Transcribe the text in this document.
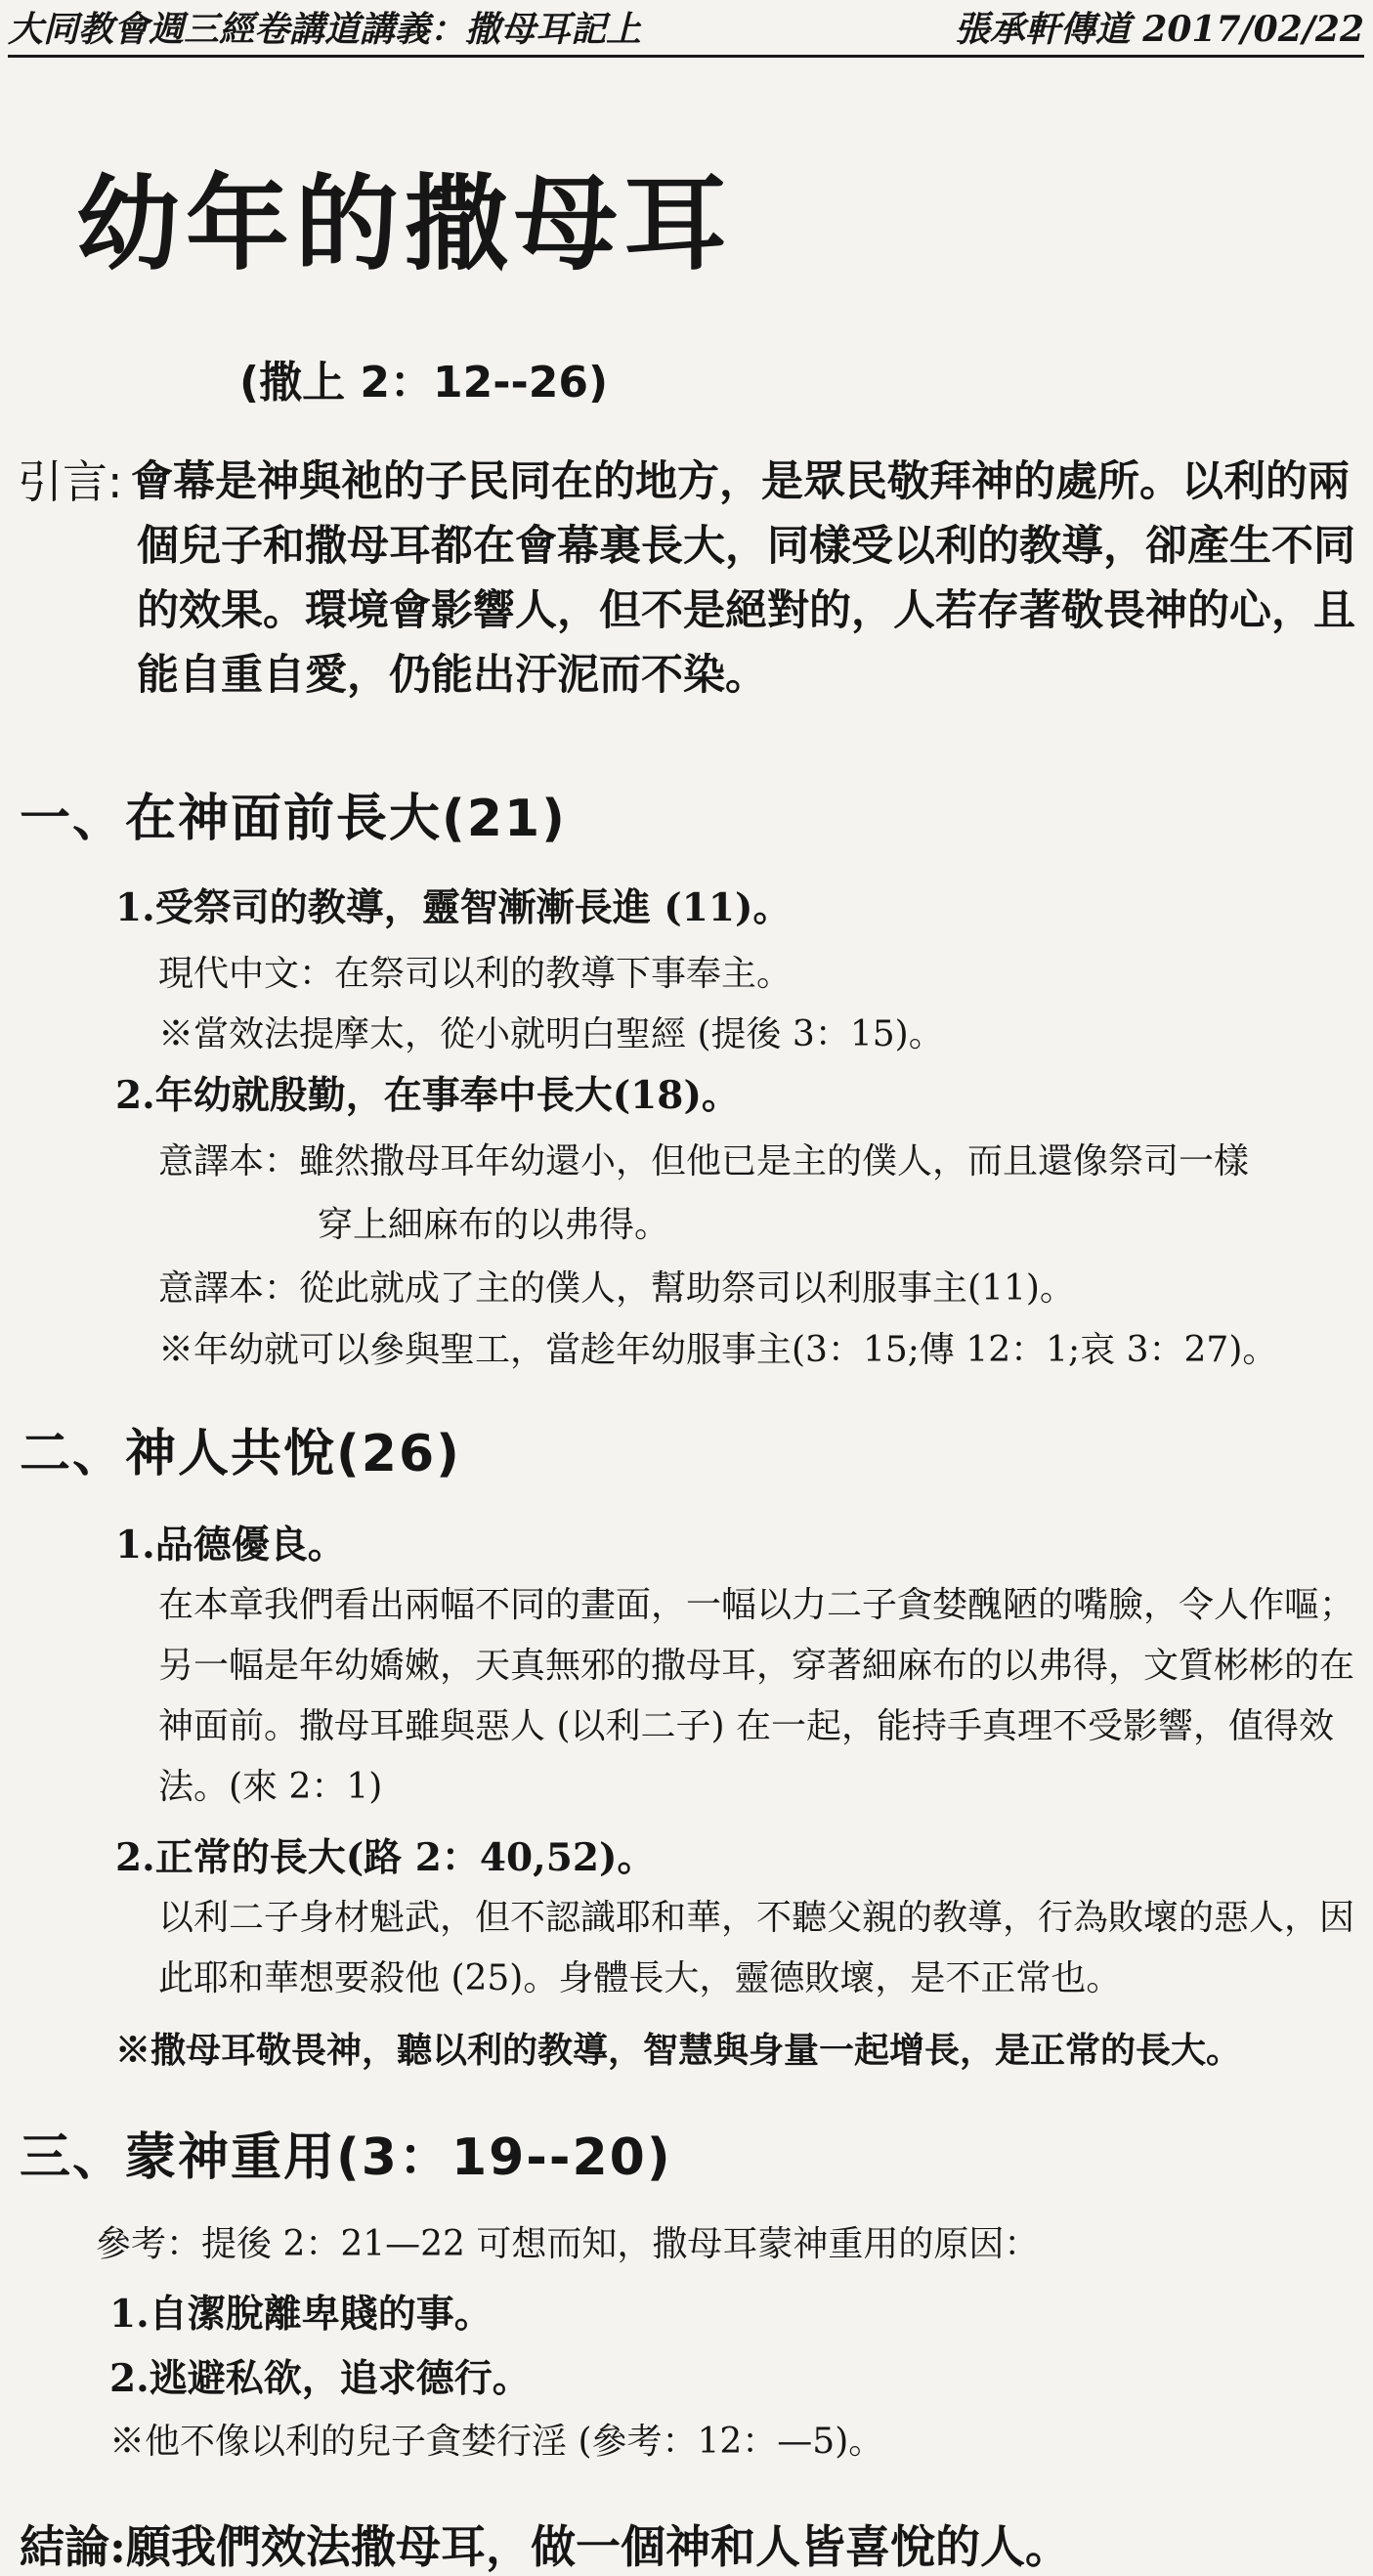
大同教會週三經卷講道講義：撒母耳記上	張承軒傳道 2017/02/22
幼年的撒母耳
(撒上 2：12--26)
引言: 會幕是神與祂的子民同在的地方，是眾民敬拜神的處所。以利的兩個兒子和撒母耳都在會幕裏長大，同樣受以利的教導，卻產生不同的效果。環境會影響人，但不是絕對的，人若存著敬畏神的心，且能自重自愛，仍能出汙泥而不染。
一、在神面前長大(21)
1.受祭司的教導，靈智漸漸長進 (11)。
現代中文：在祭司以利的教導下事奉主。
※當效法提摩太，從小就明白聖經 (提後 3：15)。
2.年幼就殷勤，在事奉中長大(18)。
意譯本：雖然撒母耳年幼還小，但他已是主的僕人，而且還像祭司一樣
穿上細麻布的以弗得。
意譯本：從此就成了主的僕人，幫助祭司以利服事主(11)。
※年幼就可以參與聖工，當趁年幼服事主(3：15;傳 12：1;哀 3：27)。
二、神人共悅(26)
1.品德優良。
在本章我們看出兩幅不同的畫面，一幅以力二子貪婪醜陋的嘴臉，令人作嘔；另一幅是年幼嬌嫩，天真無邪的撒母耳，穿著細麻布的以弗得，文質彬彬的在神面前。撒母耳雖與惡人 (以利二子) 在一起，能持手真理不受影響，值得效法。(來 2：1)
2.正常的長大(路 2：40,52)。
以利二子身材魁武，但不認識耶和華，不聽父親的教導，行為敗壞的惡人，因此耶和華想要殺他 (25)。身體長大，靈德敗壞，是不正常也。
※撒母耳敬畏神，聽以利的教導，智慧與身量一起增長，是正常的長大。
三、蒙神重用(3：19--20)
參考：提後 2：21—22 可想而知，撒母耳蒙神重用的原因：
1.自潔脫離卑賤的事。
2.逃避私欲，追求德行。
※他不像以利的兒子貪婪行淫 (參考：12：—5)。
結論:願我們效法撒母耳，做一個神和人皆喜悅的人。
